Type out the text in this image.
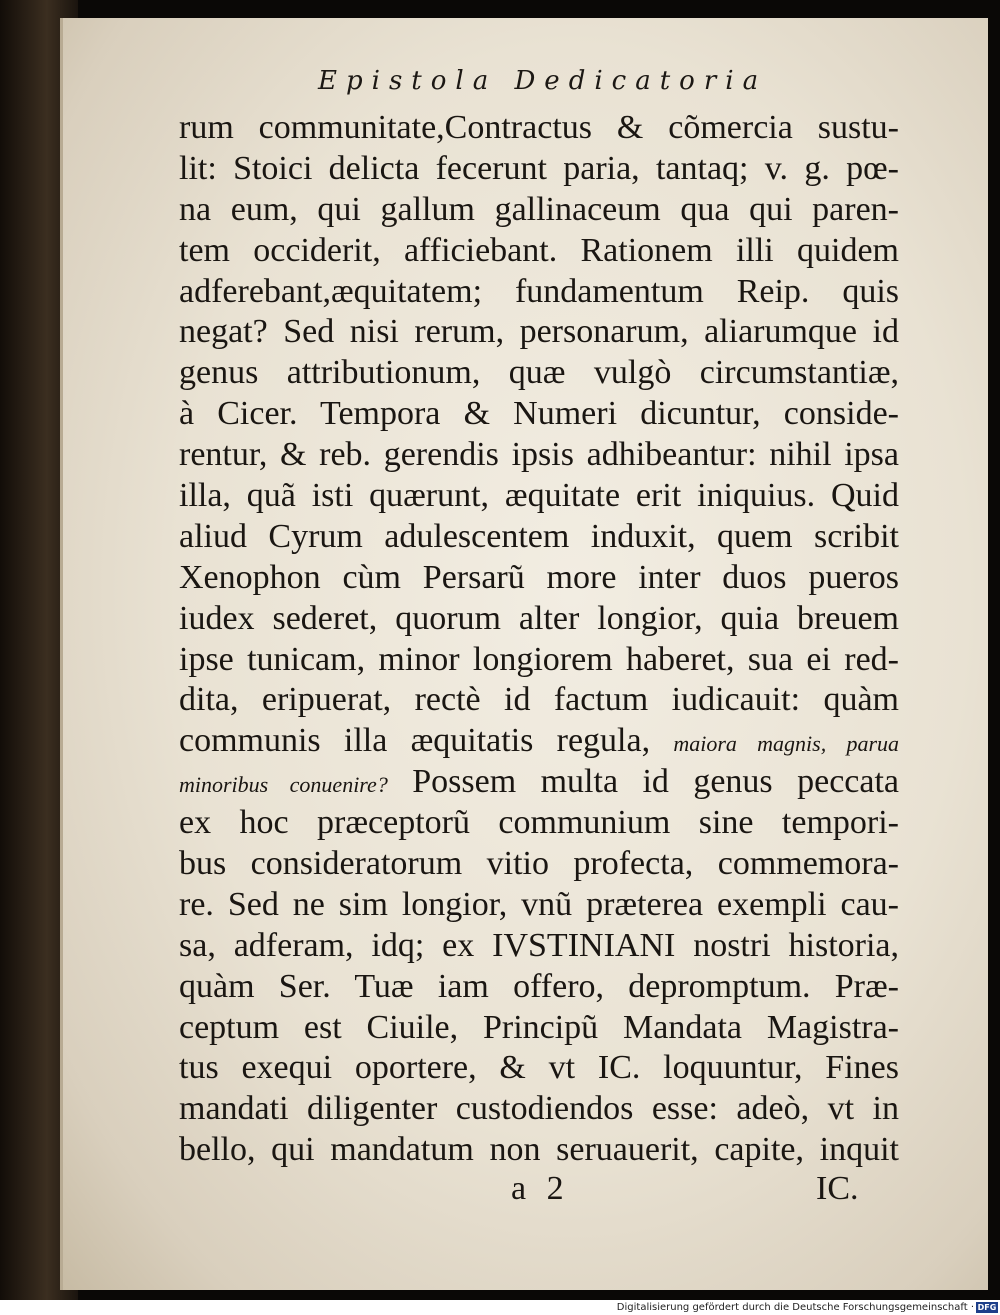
Epistola Dedicatoria
rum communitate,Contractus & cõmercia sustu-
lit: Stoici delicta fecerunt paria, tantaq; v. g. pœ-
na eum, qui gallum gallinaceum qua qui paren-
tem occiderit, afficiebant. Rationem illi quidem
adferebant,æquitatem; fundamentum Reip. quis
negat? Sed nisi rerum, personarum, aliarumque id
genus attributionum, quæ vulgò circumstantiæ,
à Cicer. Tempora & Numeri dicuntur, conside-
rentur, & reb. gerendis ipsis adhibeantur: nihil ipsa
illa, quã isti quærunt, æquitate erit iniquius. Quid
aliud Cyrum adulescentem induxit, quem scribit
Xenophon cùm Persarũ more inter duos pueros
iudex sederet, quorum alter longior, quia breuem
ipse tunicam, minor longiorem haberet, sua ei red-
dita, eripuerat, rectè id factum iudicauit: quàm
communis illa æquitatis regula, maiora magnis, parua
minoribus conuenire? Possem multa id genus peccata
ex hoc præceptorũ communium sine tempori-
bus consideratorum vitio profecta, commemora-
re. Sed ne sim longior, vnũ præterea exempli cau-
sa, adferam, idq; ex IVSTINIANI nostri historia,
quàm Ser. Tuæ iam offero, depromptum. Præ-
ceptum est Ciuile, Principũ Mandata Magistra-
tus exequi oportere, & vt IC. loquuntur, Fines
mandati diligenter custodiendos esse: adeò, vt in
bello, qui mandatum non seruauerit, capite, inquit
a 2	IC.
Digitalisierung gefördert durch die Deutsche Forschungsgemeinschaft · DFG
